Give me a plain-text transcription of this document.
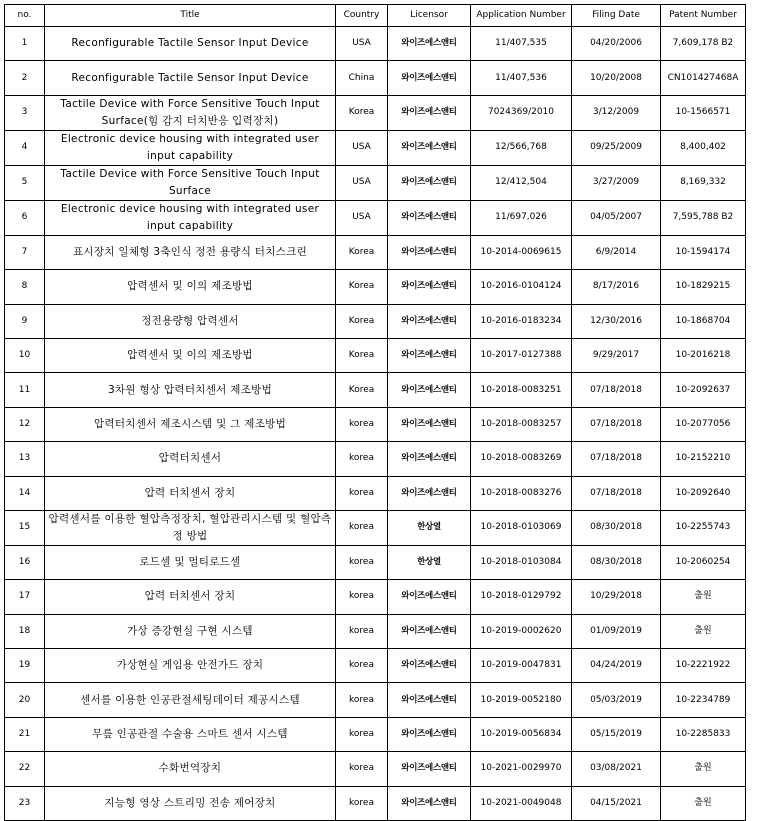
no.	Title	Country	Licensor	Application Number	Filing Date	Patent Number
1	Reconfigurable Tactile Sensor Input Device	USA	와이즈에스앤티	11/407,535	04/20/2006	7,609,178 B2
2	Reconfigurable Tactile Sensor Input Device	China	와이즈에스앤티	11/407,536	10/20/2008	CN101427468A
3	Tactile Device with Force Sensitive Touch Input Surface(힘 감지 터치반응 입력장치)	Korea	와이즈에스앤티	7024369/2010	3/12/2009	10-1566571
4	Electronic device housing with integrated user input capability	USA	와이즈에스앤티	12/566,768	09/25/2009	8,400,402
5	Tactile Device with Force Sensitive Touch Input Surface	USA	와이즈에스앤티	12/412,504	3/27/2009	8,169,332
6	Electronic device housing with integrated user input capability	USA	와이즈에스앤티	11/697,026	04/05/2007	7,595,788 B2
7	표시장치 일체형 3축인식 정전 용량식 터치스크린	Korea	와이즈에스앤티	10-2014-0069615	6/9/2014	10-1594174
8	압력센서 및 이의 제조방법	Korea	와이즈에스앤티	10-2016-0104124	8/17/2016	10-1829215
9	정전용량형 압력센서	Korea	와이즈에스앤티	10-2016-0183234	12/30/2016	10-1868704
10	압력센서 및 이의 제조방법	Korea	와이즈에스앤티	10-2017-0127388	9/29/2017	10-2016218
11	3차원 형상 압력터치센서 제조방법	Korea	와이즈에스앤티	10-2018-0083251	07/18/2018	10-2092637
12	압력터치센서 제조시스템 및 그 제조방법	korea	와이즈에스앤티	10-2018-0083257	07/18/2018	10-2077056
13	압력터치센서	korea	와이즈에스앤티	10-2018-0083269	07/18/2018	10-2152210
14	압력 터치센서 장치	korea	와이즈에스앤티	10-2018-0083276	07/18/2018	10-2092640
15	압력센서를 이용한 혈압측정장치, 혈압관리시스템 및 혈압측정 방법	korea	한상열	10-2018-0103069	08/30/2018	10-2255743
16	로드셀 및 멀티로드셀	korea	한상열	10-2018-0103084	08/30/2018	10-2060254
17	압력 터치센서 장치	korea	와이즈에스앤티	10-2018-0129792	10/29/2018	출원
18	가상 증강현실 구현 시스템	korea	와이즈에스앤티	10-2019-0002620	01/09/2019	출원
19	가상현실 게임용 안전가드 장치	korea	와이즈에스앤티	10-2019-0047831	04/24/2019	10-2221922
20	센서를 이용한 인공관절세팅데이터 제공시스템	korea	와이즈에스앤티	10-2019-0052180	05/03/2019	10-2234789
21	무릎 인공관절 수술용 스마트 센서 시스템	korea	와이즈에스앤티	10-2019-0056834	05/15/2019	10-2285833
22	수화번역장치	korea	와이즈에스앤티	10-2021-0029970	03/08/2021	출원
23	지능형 영상 스트리밍 전송 제어장치	korea	와이즈에스앤티	10-2021-0049048	04/15/2021	출원
